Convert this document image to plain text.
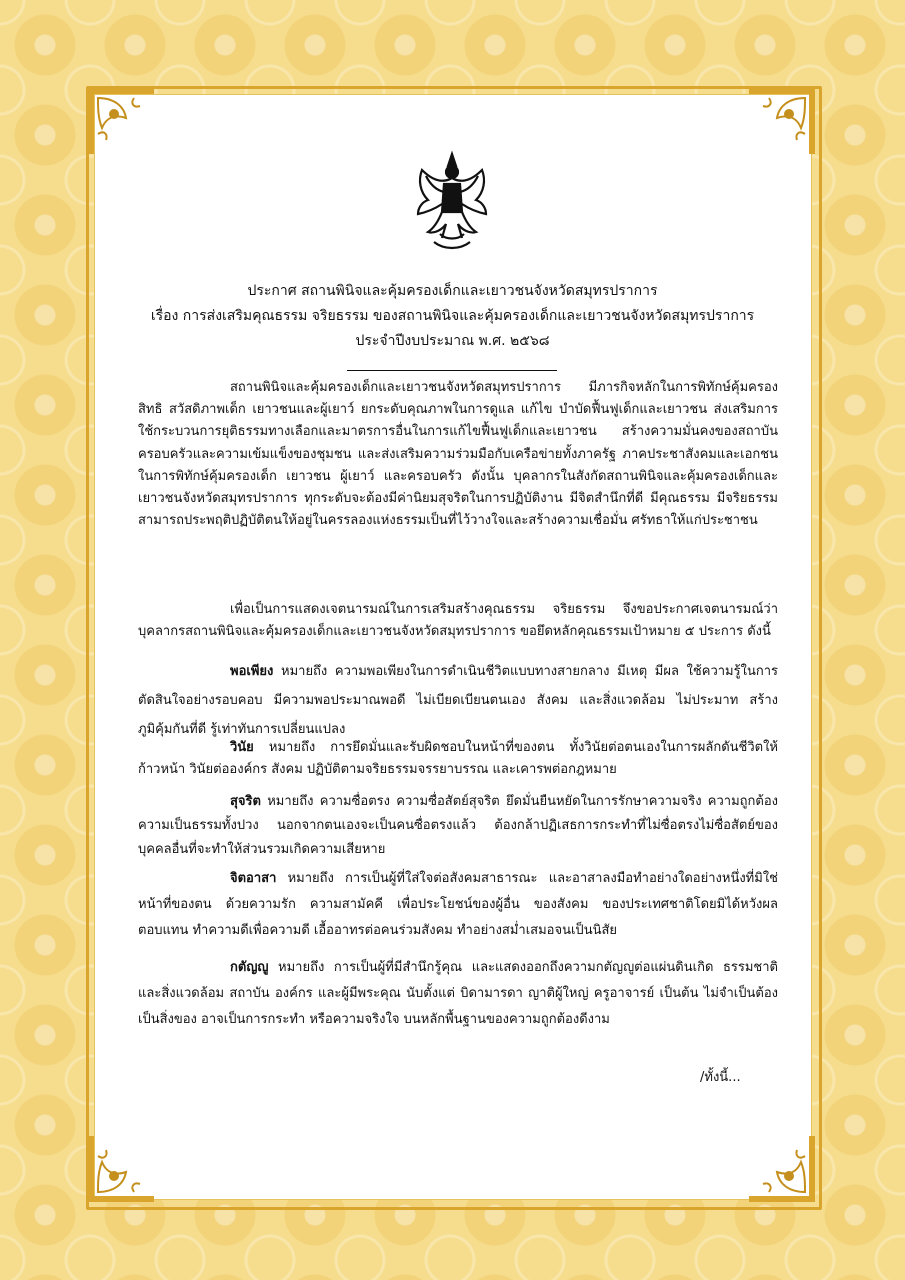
ประกาศ สถานพินิจและคุ้มครองเด็กและเยาวชนจังหวัดสมุทรปราการ
เรื่อง การส่งเสริมคุณธรรม จริยธรรม ของสถานพินิจและคุ้มครองเด็กและเยาวชนจังหวัดสมุทรปราการ
ประจำปีงบประมาณ พ.ศ. ๒๕๖๘
สถานพินิจและคุ้มครองเด็กและเยาวชนจังหวัดสมุทรปราการ มีภารกิจหลักในการพิทักษ์คุ้มครองสิทธิ สวัสดิภาพเด็ก เยาวชนและผู้เยาว์ ยกระดับคุณภาพในการดูแล แก้ไข บำบัดฟื้นฟูเด็กและเยาวชน ส่งเสริมการใช้กระบวนการยุติธรรมทางเลือกและมาตรการอื่นในการแก้ไขฟื้นฟูเด็กและเยาวชน สร้างความมั่นคงของสถาบันครอบครัวและความเข้มแข็งของชุมชน และส่งเสริมความร่วมมือกับเครือข่ายทั้งภาครัฐ ภาคประชาสังคมและเอกชน ในการพิทักษ์คุ้มครองเด็ก เยาวชน ผู้เยาว์ และครอบครัว ดังนั้น บุคลากรในสังกัดสถานพินิจและคุ้มครองเด็กและเยาวชนจังหวัดสมุทรปราการ ทุกระดับจะต้องมีค่านิยมสุจริตในการปฏิบัติงาน มีจิตสำนึกที่ดี มีคุณธรรม มีจริยธรรม สามารถประพฤติปฏิบัติตนให้อยู่ในครรลองแห่งธรรมเป็นที่ไว้วางใจและสร้างความเชื่อมั่น ศรัทธาให้แก่ประชาชน
เพื่อเป็นการแสดงเจตนารมณ์ในการเสริมสร้างคุณธรรม จริยธรรม จึงขอประกาศเจตนารมณ์ว่าบุคลากรสถานพินิจและคุ้มครองเด็กและเยาวชนจังหวัดสมุทรปราการ ขอยึดหลักคุณธรรมเป้าหมาย ๕ ประการ ดังนี้
พอเพียง หมายถึง ความพอเพียงในการดำเนินชีวิตแบบทางสายกลาง มีเหตุ มีผล ใช้ความรู้ในการตัดสินใจอย่างรอบคอบ มีความพอประมาณพอดี ไม่เบียดเบียนตนเอง สังคม และสิ่งแวดล้อม ไม่ประมาท สร้างภูมิคุ้มกันที่ดี รู้เท่าทันการเปลี่ยนแปลง
วินัย หมายถึง การยึดมั่นและรับผิดชอบในหน้าที่ของตน ทั้งวินัยต่อตนเองในการผลักดันชีวิตให้ก้าวหน้า วินัยต่อองค์กร สังคม ปฏิบัติตามจริยธรรมจรรยาบรรณ และเคารพต่อกฎหมาย
สุจริต หมายถึง ความซื่อตรง ความซื่อสัตย์สุจริต ยึดมั่นยืนหยัดในการรักษาความจริง ความถูกต้อง ความเป็นธรรมทั้งปวง นอกจากตนเองจะเป็นคนซื่อตรงแล้ว ต้องกล้าปฏิเสธการกระทำที่ไม่ซื่อตรงไม่ซื่อสัตย์ของบุคคลอื่นที่จะทำให้ส่วนรวมเกิดความเสียหาย
จิตอาสา หมายถึง การเป็นผู้ที่ใส่ใจต่อสังคมสาธารณะ และอาสาลงมือทำอย่างใดอย่างหนึ่งที่มิใช่หน้าที่ของตน ด้วยความรัก ความสามัคคี เพื่อประโยชน์ของผู้อื่น ของสังคม ของประเทศชาติโดยมิได้หวังผลตอบแทน ทำความดีเพื่อความดี เอื้ออาทรต่อคนร่วมสังคม ทำอย่างสม่ำเสมอจนเป็นนิสัย
กตัญญู หมายถึง การเป็นผู้ที่มีสำนึกรู้คุณ และแสดงออกถึงความกตัญญูต่อแผ่นดินเกิด ธรรมชาติ และสิ่งแวดล้อม สถาบัน องค์กร และผู้มีพระคุณ นับตั้งแต่ บิดามารดา ญาติผู้ใหญ่ ครูอาจารย์ เป็นต้น ไม่จำเป็นต้องเป็นสิ่งของ อาจเป็นการกระทำ หรือความจริงใจ บนหลักพื้นฐานของความถูกต้องดีงาม
/ทั้งนี้...
